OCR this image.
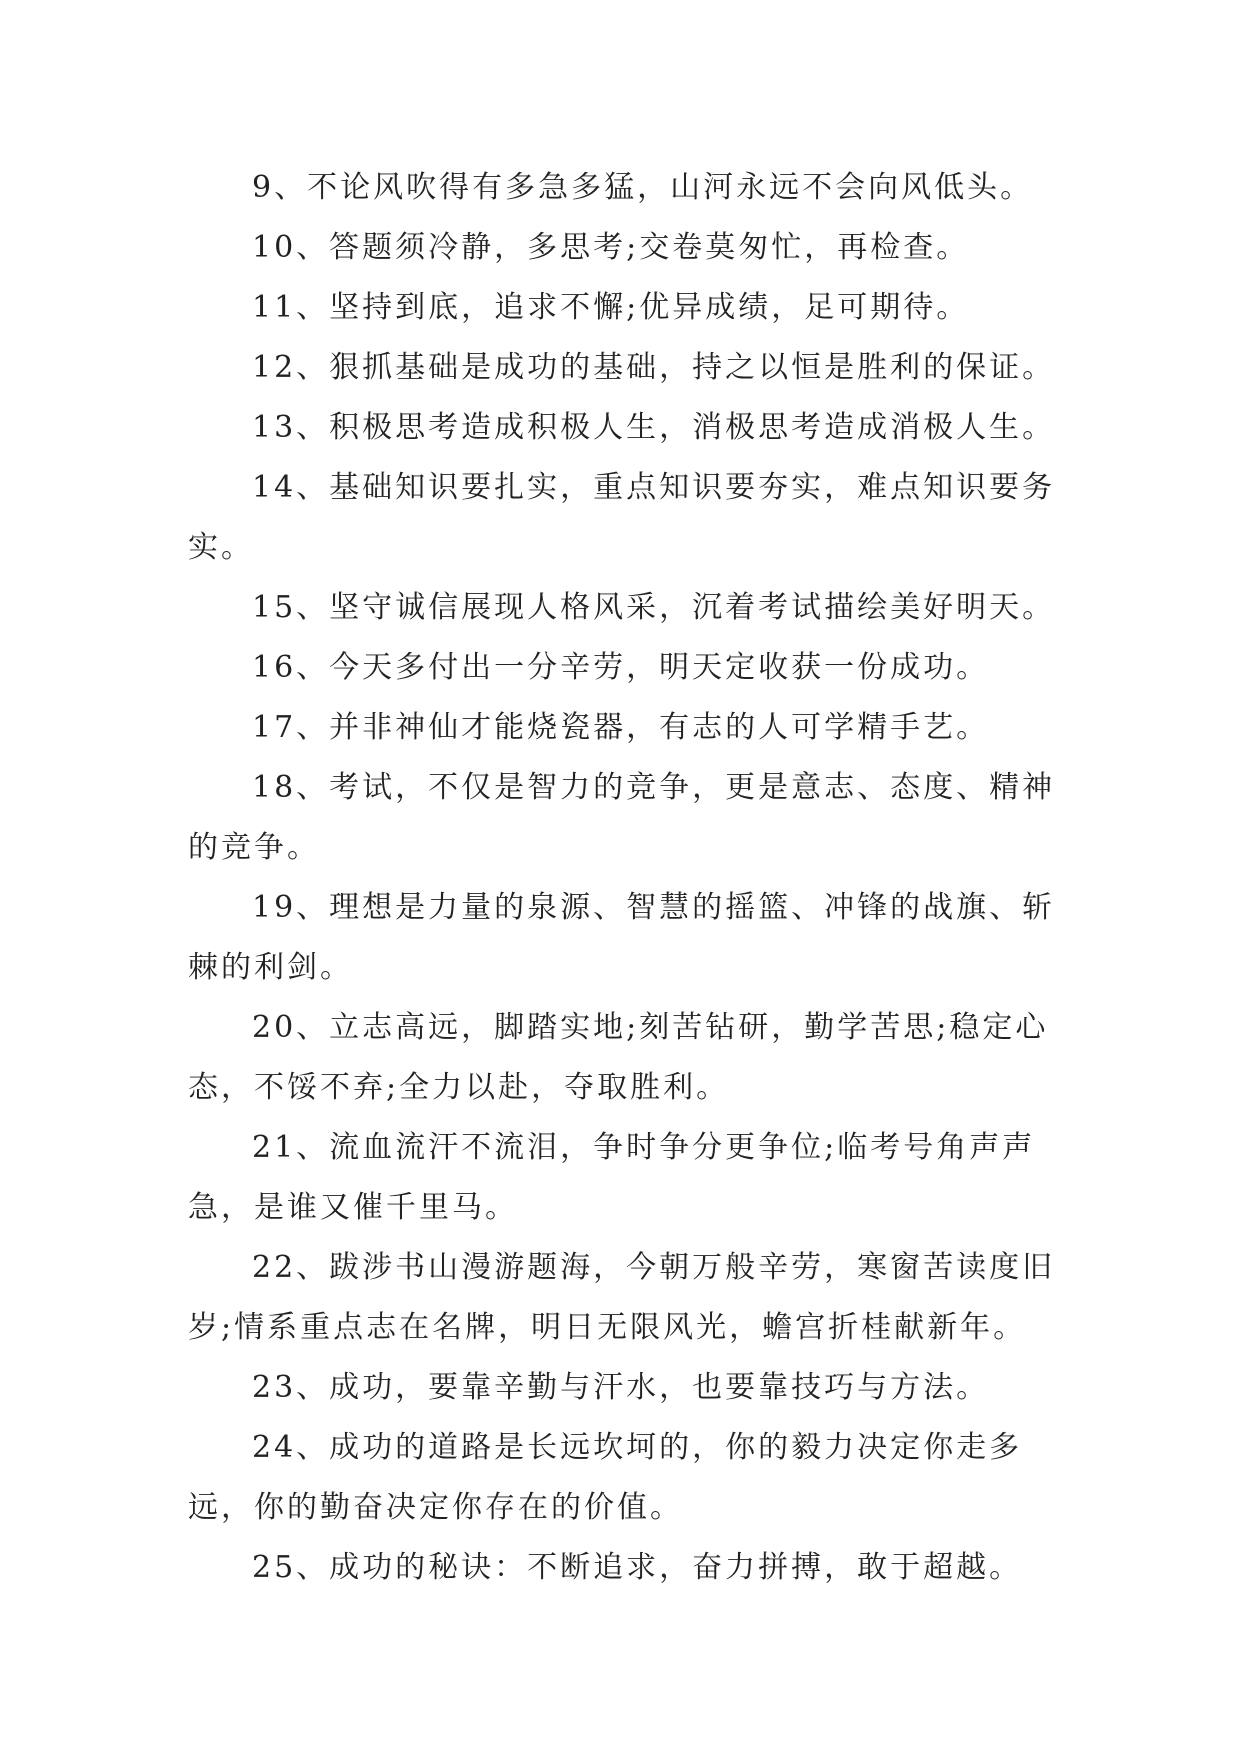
9、不论风吹得有多急多猛，山河永远不会向风低头。

10、答题须冷静，多思考;交卷莫匆忙，再检查。

11、坚持到底，追求不懈;优异成绩，足可期待。

12、狠抓基础是成功的基础，持之以恒是胜利的保证。

13、积极思考造成积极人生，消极思考造成消极人生。

14、基础知识要扎实，重点知识要夯实，难点知识要务实。

15、坚守诚信展现人格风采，沉着考试描绘美好明天。

16、今天多付出一分辛劳，明天定收获一份成功。

17、并非神仙才能烧瓷器，有志的人可学精手艺。

18、考试，不仅是智力的竞争，更是意志、态度、精神的竞争。

19、理想是力量的泉源、智慧的摇篮、冲锋的战旗、斩棘的利剑。

20、立志高远，脚踏实地;刻苦钻研，勤学苦思;稳定心态，不馁不弃;全力以赴，夺取胜利。

21、流血流汗不流泪，争时争分更争位;临考号角声声急，是谁又催千里马。

22、跋涉书山漫游题海，今朝万般辛劳，寒窗苦读度旧岁;情系重点志在名牌，明日无限风光，蟾宫折桂献新年。

23、成功，要靠辛勤与汗水，也要靠技巧与方法。

24、成功的道路是长远坎坷的，你的毅力决定你走多远，你的勤奋决定你存在的价值。

25、成功的秘诀：不断追求，奋力拼搏，敢于超越。
